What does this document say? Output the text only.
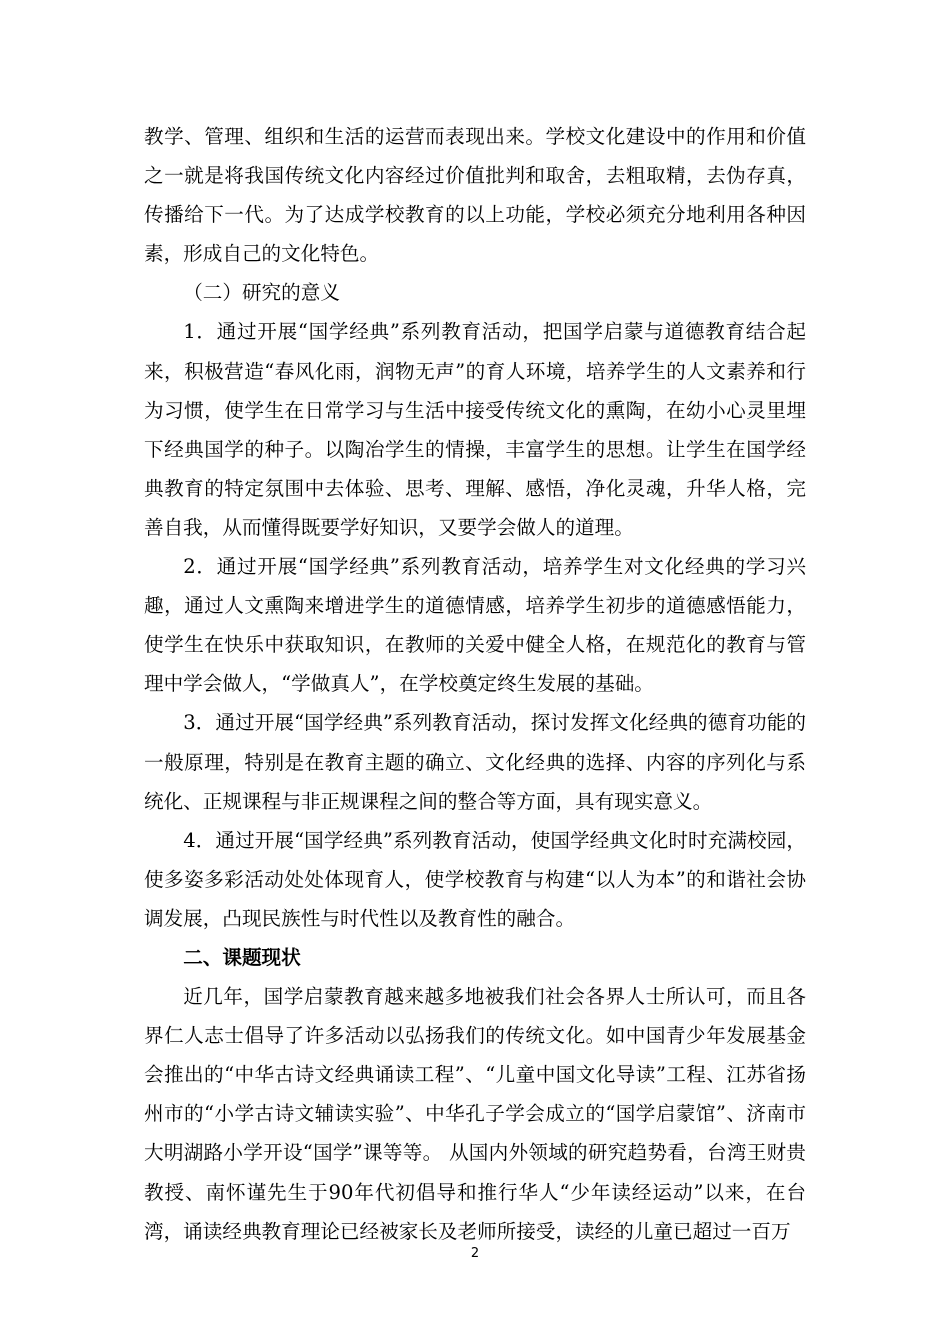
教学、管理、组织和生活的运营而表现出来。学校文化建设中的作用和价值之一就是将我国传统文化内容经过价值批判和取舍，去粗取精，去伪存真，传播给下一代。为了达成学校教育的以上功能，学校必须充分地利用各种因素，形成自己的文化特色。

（二）研究的意义

1．通过开展“国学经典”系列教育活动，把国学启蒙与道德教育结合起来，积极营造“春风化雨，润物无声”的育人环境，培养学生的人文素养和行为习惯，使学生在日常学习与生活中接受传统文化的熏陶，在幼小心灵里埋下经典国学的种子。以陶冶学生的情操，丰富学生的思想。让学生在国学经典教育的特定氛围中去体验、思考、理解、感悟，净化灵魂，升华人格，完善自我，从而懂得既要学好知识，又要学会做人的道理。

2．通过开展“国学经典”系列教育活动，培养学生对文化经典的学习兴趣，通过人文熏陶来增进学生的道德情感，培养学生初步的道德感悟能力，使学生在快乐中获取知识，在教师的关爱中健全人格，在规范化的教育与管理中学会做人，“学做真人”，在学校奠定终生发展的基础。

3．通过开展“国学经典”系列教育活动，探讨发挥文化经典的德育功能的一般原理，特别是在教育主题的确立、文化经典的选择、内容的序列化与系统化、正规课程与非正规课程之间的整合等方面，具有现实意义。

4．通过开展“国学经典”系列教育活动，使国学经典文化时时充满校园，使多姿多彩活动处处体现育人，使学校教育与构建“以人为本”的和谐社会协调发展，凸现民族性与时代性以及教育性的融合。

二、课题现状

近几年，国学启蒙教育越来越多地被我们社会各界人士所认可，而且各界仁人志士倡导了许多活动以弘扬我们的传统文化。如中国青少年发展基金会推出的“中华古诗文经典诵读工程”、“儿童中国文化导读”工程、江苏省扬州市的“小学古诗文辅读实验”、中华孔子学会成立的“国学启蒙馆”、济南市大明湖路小学开设“国学”课等等。 从国内外领域的研究趋势看，台湾王财贵教授、南怀谨先生于90年代初倡导和推行华人“少年读经运动”以来，在台湾，诵读经典教育理论已经被家长及老师所接受，读经的儿童已超过一百万

2
